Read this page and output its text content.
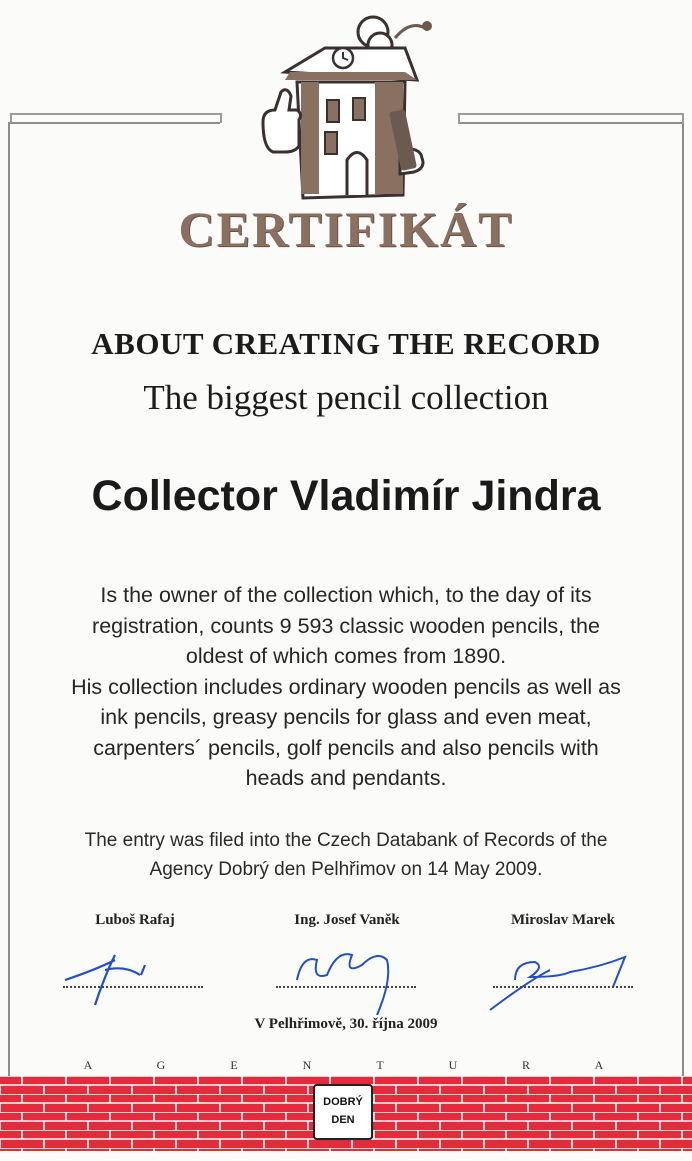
CERTIFIKÁT
ABOUT CREATING THE RECORD
The biggest pencil collection
Collector Vladimír Jindra

Is the owner of the collection which, to the day of its
registration, counts 9 593 classic wooden pencils, the
oldest of which comes from 1890.
His collection includes ordinary wooden pencils as well as
ink pencils, greasy pencils for glass and even meat,
carpenters´ pencils, golf pencils and also pencils with
heads and pendants.

The entry was filed into the Czech Databank of Records of the
Agency Dobrý den Pelhřimov on 14 May 2009.
Luboš Rafaj	Ing. Josef Vaněk	Miroslav Marek
V Pelhřimově, 30. října 2009
A	G	E	N	T	U	R	A
DOBRÝ
DEN
